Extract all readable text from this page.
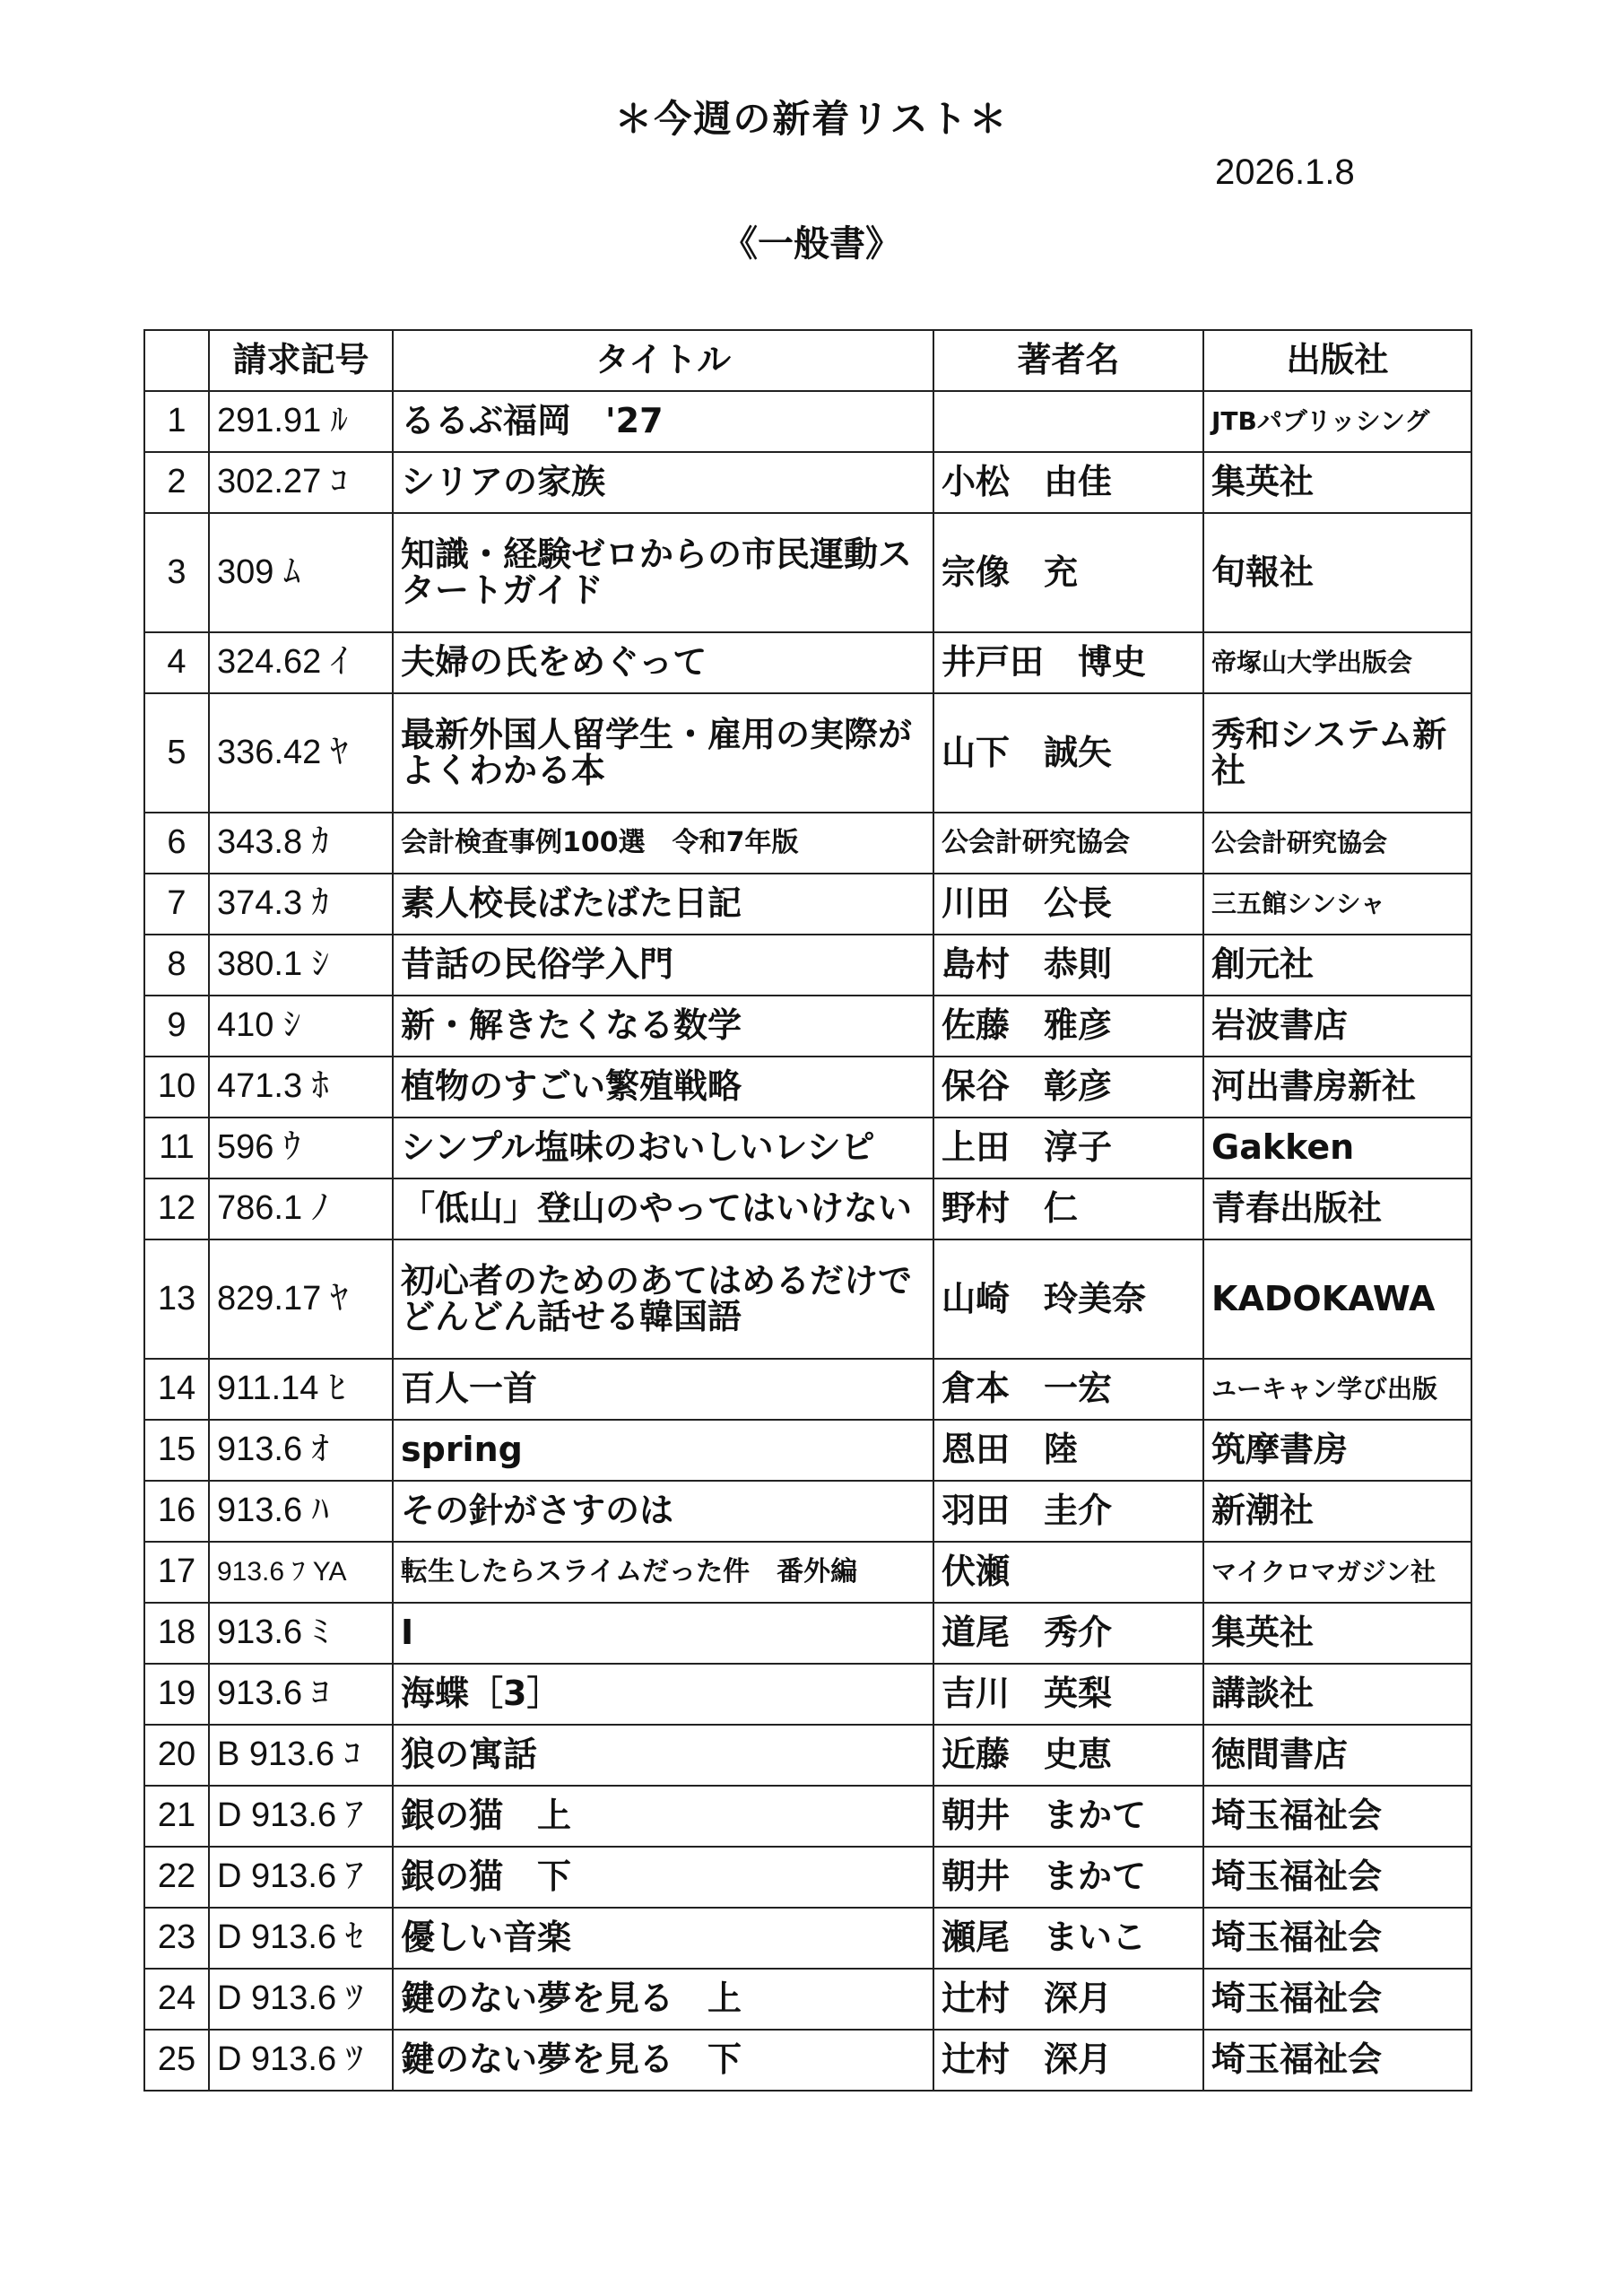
＊今週の新着リスト＊
2026.1.8
《一般書》
	請求記号	タイトル	著者名	出版社
1	291.91 ﾙ	るるぶ福岡　'27		JTBパブリッシング
2	302.27 ｺ	シリアの家族	小松　由佳	集英社
3	309 ﾑ	知識・経験ゼロからの市民運動スタートガイド	宗像　充	旬報社
4	324.62 ｲ	夫婦の氏をめぐって	井戸田　博史	帝塚山大学出版会
5	336.42 ﾔ	最新外国人留学生・雇用の実際がよくわかる本	山下　誠矢	秀和システム新社
6	343.8 ｶ	会計検査事例100選　令和7年版	公会計研究協会	公会計研究協会
7	374.3 ｶ	素人校長ばたばた日記	川田　公長	三五館シンシャ
8	380.1 ｼ	昔話の民俗学入門	島村　恭則	創元社
9	410 ｼ	新・解きたくなる数学	佐藤　雅彦	岩波書店
10	471.3 ﾎ	植物のすごい繁殖戦略	保谷　彰彦	河出書房新社
11	596 ｳ	シンプル塩味のおいしいレシピ	上田　淳子	Gakken
12	786.1 ﾉ	「低山」登山のやってはいけない	野村　仁	青春出版社
13	829.17 ﾔ	初心者のためのあてはめるだけでどんどん話せる韓国語	山崎　玲美奈	KADOKAWA
14	911.14 ﾋ	百人一首	倉本　一宏	ユーキャン学び出版
15	913.6 ｵ	spring	恩田　陸	筑摩書房
16	913.6 ﾊ	その針がさすのは	羽田　圭介	新潮社
17	913.6 ﾌ YA	転生したらスライムだった件　番外編	伏瀬	マイクロマガジン社
18	913.6 ﾐ	I	道尾　秀介	集英社
19	913.6 ﾖ	海蝶［3］	吉川　英梨	講談社
20	B 913.6 ｺ	狼の寓話	近藤　史恵	徳間書店
21	D 913.6 ｱ	銀の猫　上	朝井　まかて	埼玉福祉会
22	D 913.6 ｱ	銀の猫　下	朝井　まかて	埼玉福祉会
23	D 913.6 ｾ	優しい音楽	瀬尾　まいこ	埼玉福祉会
24	D 913.6 ﾂ	鍵のない夢を見る　上	辻村　深月	埼玉福祉会
25	D 913.6 ﾂ	鍵のない夢を見る　下	辻村　深月	埼玉福祉会
